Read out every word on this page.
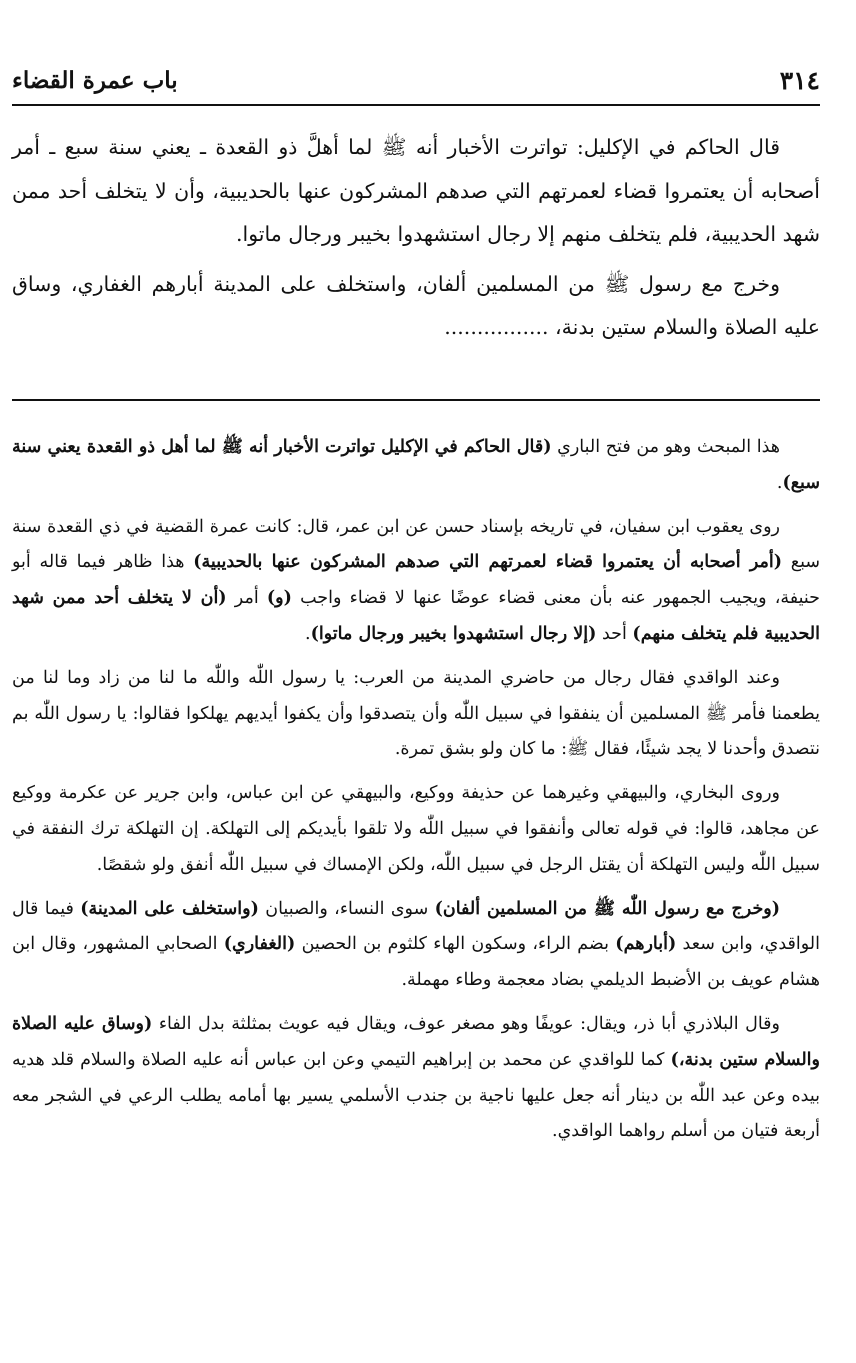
٣١٤
باب عمرة القضاء

قال الحاكم في الإكليل: تواترت الأخبار أنه ﷺ لما أهلَّ ذو القعدة ـ يعني سنة سبع ـ أمر أصحابه أن يعتمروا قضاء لعمرتهم التي صدهم المشركون عنها بالحديبية، وأن لا يتخلف أحد ممن شهد الحديبية، فلم يتخلف منهم إلا رجال استشهدوا بخيبر ورجال ماتوا.

وخرج مع رسول ﷺ من المسلمين ألفان، واستخلف على المدينة أبارهم الغفاري، وساق عليه الصلاة والسلام ستين بدنة، ................

هذا المبحث وهو من فتح الباري (قال الحاكم في الإكليل تواترت الأخبار أنه ﷺ لما أهل ذو القعدة يعني سنة سبع).

روى يعقوب ابن سفيان، في تاريخه بإسناد حسن عن ابن عمر، قال: كانت عمرة القضية في ذي القعدة سنة سبع (أمر أصحابه أن يعتمروا قضاء لعمرتهم التي صدهم المشركون عنها بالحديبية) هذا ظاهر فيما قاله أبو حنيفة، ويجيب الجمهور عنه بأن معنى قضاء عوضًا عنها لا قضاء واجب (و) أمر (أن لا يتخلف أحد ممن شهد الحديبية فلم يتخلف منهم) أحد (إلا رجال استشهدوا بخيبر ورجال ماتوا).

وعند الواقدي فقال رجال من حاضري المدينة من العرب: يا رسول اللّٰه واللّٰه ما لنا من زاد وما لنا من يطعمنا فأمر ﷺ المسلمين أن ينفقوا في سبيل اللّٰه وأن يتصدقوا وأن يكفوا أيديهم يهلكوا فقالوا: يا رسول اللّٰه بم نتصدق وأحدنا لا يجد شيئًا، فقال ﷺ: ما كان ولو بشق تمرة.

وروى البخاري، والبيهقي وغيرهما عن حذيفة ووكيع، والبيهقي عن ابن عباس، وابن جرير عن عكرمة ووكيع عن مجاهد، قالوا: في قوله تعالى وأنفقوا في سبيل اللّٰه ولا تلقوا بأيديكم إلى التهلكة. إن التهلكة ترك النفقة في سبيل اللّٰه وليس التهلكة أن يقتل الرجل في سبيل اللّٰه، ولكن الإمساك في سبيل اللّٰه أنفق ولو شقصًا.

(وخرج مع رسول اللّٰه ﷺ من المسلمين ألفان) سوى النساء، والصبيان (واستخلف على المدينة) فيما قال الواقدي، وابن سعد (أبارهم) بضم الراء، وسكون الهاء كلثوم بن الحصين (الغفاري) الصحابي المشهور، وقال ابن هشام عويف بن الأضبط الديلمي بضاد معجمة وطاء مهملة.

وقال البلاذري أبا ذر، ويقال: عويفًا وهو مصغر عوف، ويقال فيه عويث بمثلثة بدل الفاء (وساق عليه الصلاة والسلام ستين بدنة،) كما للواقدي عن محمد بن إبراهيم التيمي وعن ابن عباس أنه عليه الصلاة والسلام قلد هديه بيده وعن عبد اللّٰه بن دينار أنه جعل عليها ناجية بن جندب الأسلمي يسير بها أمامه يطلب الرعي في الشجر معه أربعة فتيان من أسلم رواهما الواقدي.
